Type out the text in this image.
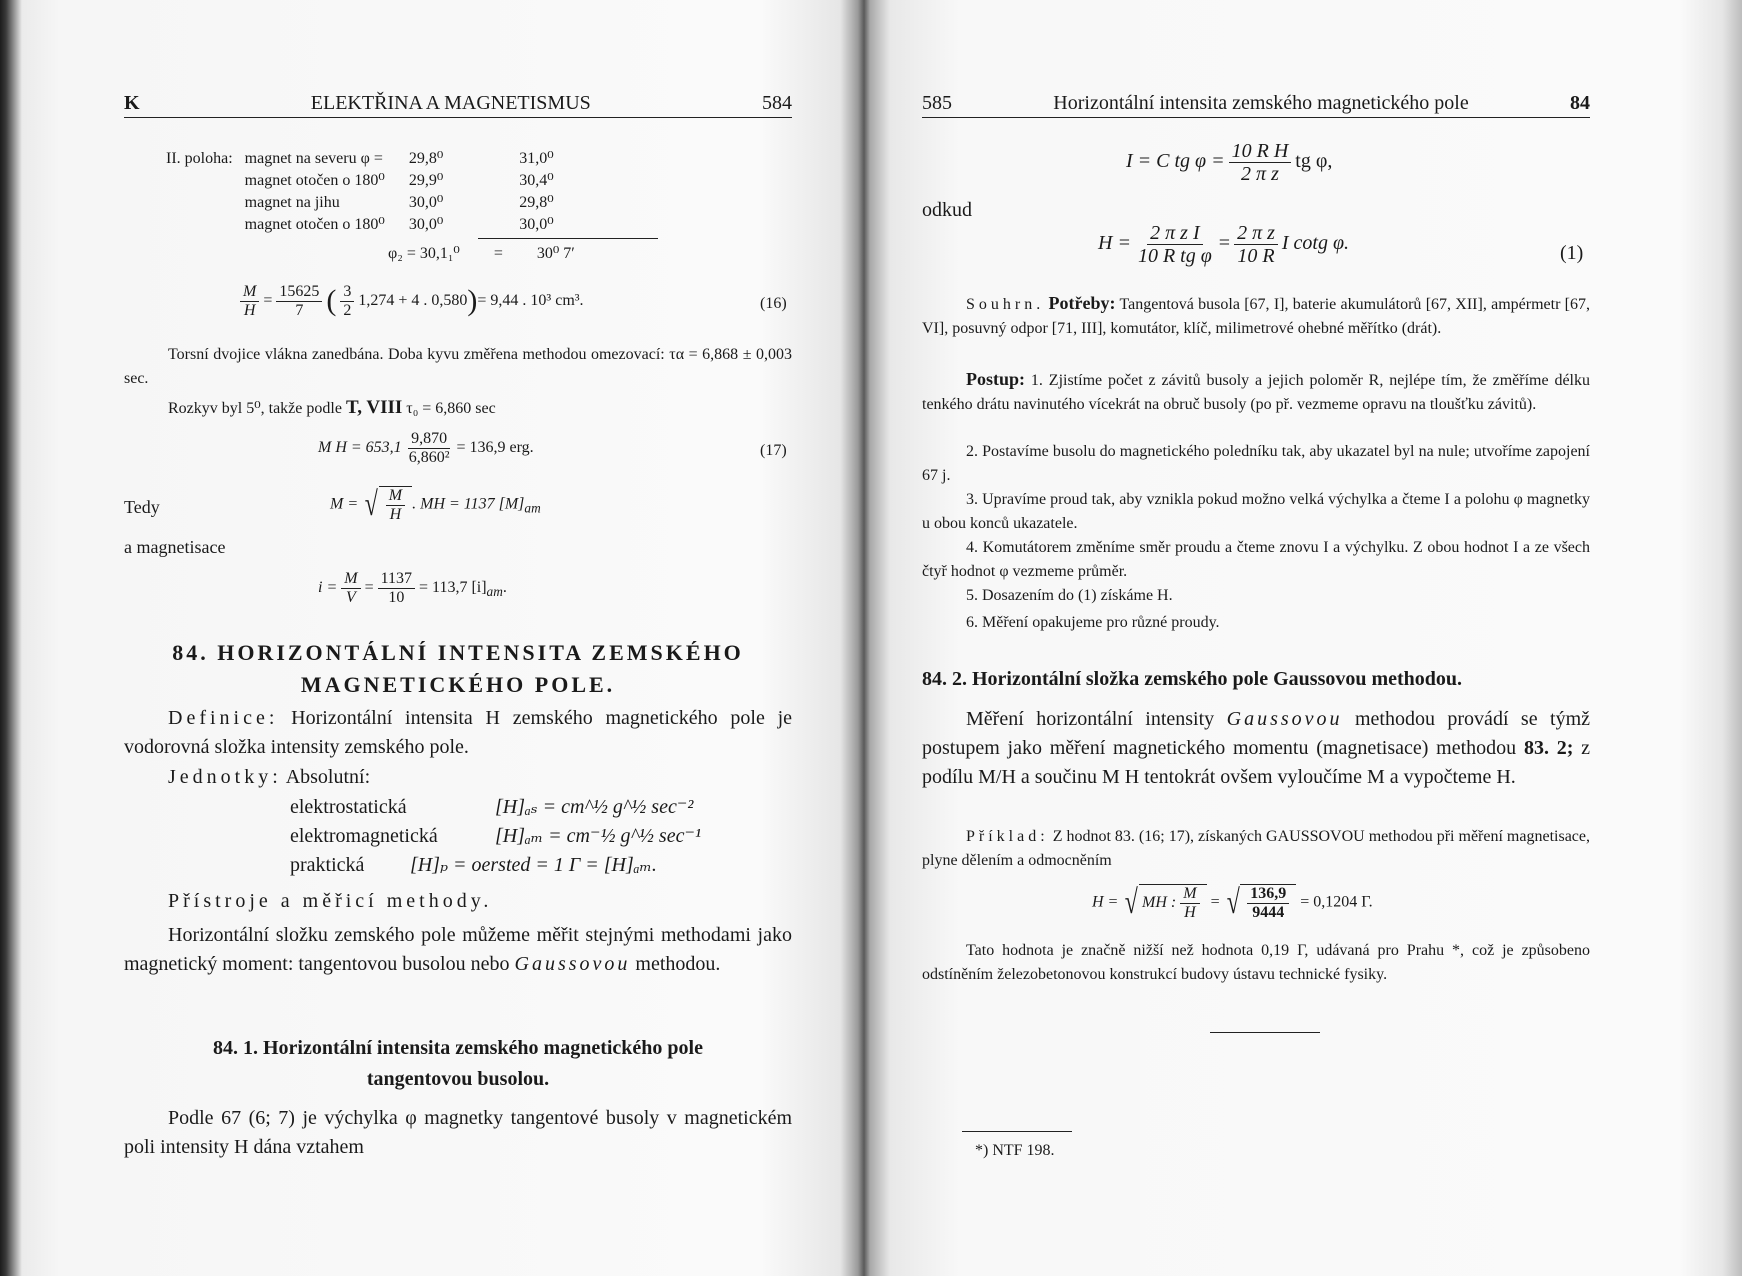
K	ELEKTŘINA A MAGNETISMUS	584
II. poloha:	magnet na severu φ =	29,8⁰	31,0⁰
	magnet otočen o 180⁰	29,9⁰	30,4⁰
	magnet na jihu	30,0⁰	29,8⁰
	magnet otočen o 180⁰	30,0⁰	30,0⁰
φ₂ = 30,1₁⁰ = 30⁰ 7′
$\frac{M}{H} = \frac{15625}{7}$ ( $\frac{3}{2} 1,274 + 4$ . 0,580)= 9,44 . 10³ cm³.	(16)
Torsní dvojice vlákna zanedbána. Doba kyvu změřena methodou omezovací: τα = 6,868 ± 0,003 sec.
Rozkyv byl 5⁰, takže podle T, VIII τ₀ = 6,860 sec
M $H = 653,1 \frac{9,870}{\text{6,860²}} = 136,9$ erg.	(17)
Tedy	M = √ $\frac{M}{H}$ . MH = 1137 $[M]_{am}$
a magnetisace
$i = \frac{M}{V} = \frac{1137}{10} = 113,7$ $[i]_{am}$.
84. HORIZONTÁLNÍ INTENSITA ZEMSKÉHO
MAGNETICKÉHO POLE.
Definice: Horizontální intensita H zemského magnetického pole je vodorovná složka intensity zemského pole.
Jednotky: Absolutní:
elektrostatická	[H]ₐₛ = cm^½ g^½ sec⁻²
elektromagnetická	[H]ₐₘ = cm⁻½ g^½ sec⁻¹
praktická [H]ₚ = oersted = 1 Γ = [H]ₐₘ.
Přístroje a měřicí methody.
Horizontální složku zemského pole můžeme měřit stejnými methodami jako magnetický moment: tangentovou busolou nebo Gaussovou methodou.
84. 1. Horizontální intensita zemského magnetického pole
tangentovou busolou.
Podle 67 (6; 7) je výchylka φ magnetky tangentové busoly v magnetickém poli intensity H dána vztahem
585	Horizontální intensita zemského magnetického pole	84
I = C tg $\varphi = \frac{\text{10 R H}}{\text{2 π z}}$ tg φ,
odkud
$H = \frac{\text{2 π z I}}{\text{10 R tg φ}} = \frac{\text{2 π z}}{10 R}$ I cotg φ.	(1)
Souhrn. Potřeby: Tangentová busola [67, I], baterie akumulátorů [67, XII], ampérmetr [67, VI], posuvný odpor [71, III], komutátor, klíč, milimetrové ohebné měřítko (drát).
Postup: 1. Zjistíme počet z závitů busoly a jejich poloměr R, nejlépe tím, že změříme délku tenkého drátu navinutého vícekrát na obruč busoly (po př. vezmeme opravu na tloušťku závitů).
2. Postavíme busolu do magnetického poledníku tak, aby ukazatel byl na nule; utvoříme zapojení 67 j.
3. Upravíme proud tak, aby vznikla pokud možno velká výchylka a čteme I a polohu φ magnetky u obou konců ukazatele.
4. Komutátorem změníme směr proudu a čteme znovu I a výchylku. Z obou hodnot I a ze všech čtyř hodnot φ vezmeme průměr.
5. Dosazením do (1) získáme H.
6. Měření opakujeme pro různé proudy.
84. 2. Horizontální složka zemského pole Gaussovou methodou.
Měření horizontální intensity Gaussovou methodou provádí se týmž postupem jako měření magnetického momentu (magnetisace) methodou 83. 2; z podílu M/H a součinu M H tentokrát ovšem vyloučíme M a vypočteme H.
Příklad: Z hodnot 83. (16; 17), získaných GAUSSOVOU methodou při měření magnetisace, plyne dělením a odmocněním
H = √ MH : $\frac{M}{H}$ = √ $\frac{136,9}{9444} = 0,1204$ Γ.
Tato hodnota je značně nižší než hodnota 0,19 Γ, udávaná pro Prahu *, což je způsobeno odstíněním železobetonovou konstrukcí budovy ústavu technické fysiky.
*) NTF 198.
